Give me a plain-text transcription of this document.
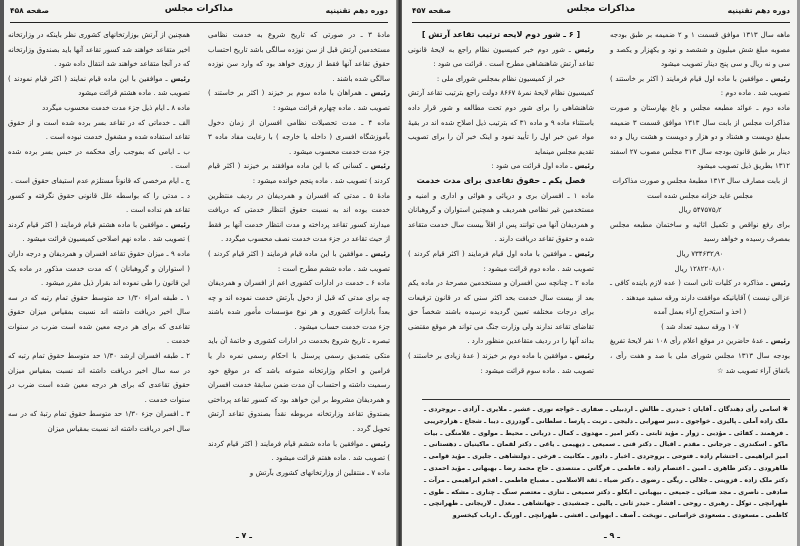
دوره دهم تقنینیه
مذاکرات مجلس
صفحه ۴۵۸

مادهٔ ۳ ـ در صورتی که تاریخ شروع به خدمت نظامی مستخدمین آرتش قبل از سن نوزده سالگی باشد تاریخ احتساب حقوق تقاعد آنها فقط از روزی خواهد بود که وارد سن نوزده سالگی شده باشند .

رئیس ـ همراهان با ماده سوم بر خیزند ( اکثر بر خاستند ) تصویب شد . ماده چهارم قرائت میشود :

ماده ۴ ـ مدت تحصیلات نظامی افسران از زمان دخول بآموزشگاه افسری ( داخله یا خارجه ) با رعایت مفاد ماده ۳ جزء مدت خدمت محسوب میشود .

رئیس ـ کسانی که با این ماده موافقند بر خیزند ( اکثر قیام کردند ) تصویب شد . ماده پنجم خوانده میشود :

مادهٔ ۵ ـ مدتی که افسران و همردیفان در ردیف منتظرین خدمت بوده اند به نسبت حقوق انتظار خدمتی که دریافت میدارند کسور تقاعد پرداخته و مدت انتظار خدمت آنها بر فقط از حیث تقاعد در جزء مدت خدمت نصف محسوب میگردد .

رئیس ـ موافقین با این ماده قیام فرمایند ( اکثر قیام کردند ) تصویب شد . ماده ششم مطرح است :

ماده ۶ ـ خدمت در ادارات کشوری اعم از افسران و همردیفان چه برای مدتی که قبل از دخول بآرتش خدمت نموده اند و چه بعداً بادارات کشوری و هر نوع مؤسسات مأمور شده باشند جزء مدت خدمت حساب میشود .

تبصره ـ تاریخ شروع بخدمت در ادارات کشوری و خاتمهٔ آن باید متکی بتصدیق رسمی پرسنل با احکام رسمی نمره دار یا فرامین و احکام وزارتخانه متبوعه باشد که در موقع خود رسمیت داشته و احتساب آن مدت ضمن سابقهٔ خدمت افسران و همردیفان مشروط بر این خواهد بود که کسور تقاعد پرداختی بصندوق تقاعد وزارتخانه مربوطه نقداً بصندوق تقاعد آرتش تحویل گردد .

رئیس ـ موافقین با ماده ششم قیام فرمایند ( اکثر قیام کردند ) تصویب شد . ماده هفتم قرائت میشود .

ماده ۷ ـ منتقلین از وزارتخانهای کشوری بآرتش و

همچنین از آرتش بوزارتخانهای کشوری نظر باینکه در وزارتخانه اخیر متقاعد خواهند شد کسور تقاعد آنها باید بصندوق وزارتخانه که در آنجا متقاعد خواهند شد انتقال داده شود .

رئیس ـ موافقین با این ماده قیام نمایند ( اکثر قیام نمودند ) تصویب شد . ماده هشتم قرائت میشود

ماده ۸ ـ ایام ذیل جزء مدت خدمت محسوب میگردد

الف ـ خدماتی که در تقاعد بسر برده شده است و از حقوق تقاعد استفاده شده و مشغول خدمت نبوده است .

ب ـ ایامی که بموجب رأی محکمه در حبس بسر برده شده است .

ج ـ ایام مرخصی که قانوناً مستلزم عدم استیفای حقوق است .

د ـ مدتی را که بواسطه علل قانونی حقوق نگرفته و کسور تقاعد هم نداده است .

رئیس ـ موافقین با ماده هشتم قیام فرمایند ( اکثر قیام کردند ) تصویب شد . ماده نهم اصلاحی کمیسیون قرائت میشود .

ماده ۹ ـ میزان حقوق تقاعد افسران و همردیفان و درجه داران ( استواران و گروهبانان ) که مدت خدمت مذکور در ماده یک این قانون را طی نموده اند بقرار ذیل مقرر میشود .

۱ ـ طبقه امراء ۱/۳۰ حد متوسط حقوق تمام رتبه که در سه سال اخیر دریافت داشته اند نسبت بمقیاس میزان حقوق تقاعدی که برای هر درجه معین شده است ضرب در سنوات خدمت .

۲ ـ طبقه افسران ارشد ۱/۳۰ حد متوسط حقوق تمام رتبه که در سه سال اخیر دریافت داشته اند نسبت بمقیاس میزان حقوق تقاعدی که برای هر درجه معین شده است ضرب در سنوات خدمت .

۳ ـ افسران جزء ۱/۳۰ حد متوسط حقوق تمام رتبهٔ که در سه سال اخیر دریافت داشته اند نسبت بمقیاس میزان

ـ ۷ ـ
دوره دهم تقنینیه
مذاکرات مجلس
صفحه ۴۵۷

ماهه سال ۱۳۱۳ موافق قسمت ۱ و ۲ ضمیمه بر طبق بودجه مصوبه مبلغ شش میلیون و ششصد و نود و یکهزار و یکصد و سی و نه ریال و سی پنج دینار تصویب میشود

رئیس ـ موافقین با ماده اول قیام فرمایند ( اکثر بر خاستند ) تصویب شد . ماده دوم :

ماده دوم ـ عوائد مطبعه مجلس و باغ بهارستان و صورت مذاکرات مجلس از بابت سال ۱۳۱۳ موافق قسمت ۳ ضمیمه بمبلغ دویست و هشتاد و دو هزار و دویست و هشت ریال و ده دینار بر طبق قانون بودجه سال ۳۱۳ مجلس مصوب ۲۷ اسفند ۱۳۱۲ بطریق ذیل تصویب میشود

از بابت مصارف سال ۱۳۱۳ مطبعهٔ مجلس و صورت مذاکرات مجلس عاید خزانه مجلس شده است

۵۴۷۵۷۵٫۲ ریال

برای رفع نواقص و تکمیل اثاثیه و ساختمان مطبعه مجلس بمصرف رسیده و خواهد رسید

۷۳۴۶۳۲٫۹۰ ریال

۱۲۸۲۲۰۸٫۱۰ ریال

رئیس ـ مذاکره در کلیات ثانی است ( عده لازم باینده کافی ـ عزالی نیست ) آقایانیکه موافقت دارند ورقه سفید میدهند .

( اخذ و استخراج آراء بعمل آمده

۱۰۷ ورقه سفید تعداد شد )

رئیس ـ عدهٔ حاضرین در موقع اعلام رأی ۱۰۸ نفر لایحهٔ تفریغ بودجه سال ۱۳۱۳ مجلس شورای ملی با صد و هفت رأی ، باتفاق آراء تصویب شد ☆

[ ۶ ـ شور دوم لایحه ترتیب تقاعد آرتش ]

رئیس ـ شور دوم خبر کمیسیون نظام راجع به لایحهٔ قانونی تقاعد آرتش شاهنشاهی مطرح است . قرائت می شود :

خبر از کمیسیون نظام بمجلس شورای ملی :

کمیسیون نظام لایحهٔ نمرهٔ ۸۶۶۷ دولت راجع بترتیب تقاعد آرتش شاهنشاهی را برای شور دوم تحت مطالعه و شور قرار داده باستثناء ماده ۹ و ماده ۳۱ که بترتیب ذیل اصلاح شده اند در بقیهٔ مواد عین خبر اول را تأیید نمود و اینک خبر آن را برای تصویب تقدیم مجلس مینماید

رئیس ـ ماده اول قرائت می شود :

فصل یکم ـ حقوق تقاعدی برای مدت خدمت

ماده ۱ ـ افسران بری و دریائی و هوائی و اداری و امنیه و مستخدمین غیر نظامی همردیف و همچنین استواران و گروهبانان و همردیفان آنها می توانند پس از اقلاً بیست سال خدمت متقاعد شده و حقوق تقاعد دریافت دارند .

رئیس ـ موافقین با ماده اول قیام فرمایند ( اکثر قیام کردند ) تصویب شد . ماده دوم قرائت میشود :

ماده ۲ ـ چنانچه سن افسران و مستخدمین مصرحهٔ در ماده یکم بعد از بیست سال خدمت بحد اکثر سنی که در قانون ترفیعات برای درجات مختلفه تعیین گردیده نرسیده باشند شخصاً حق تقاضای تقاعد ندارند ولی وزارت جنگ می تواند هر موقع مقتضی بداند آنها را در ردیف متقاعدین منظور دارد .

رئیس ـ موافقین با ماده دوم بر خیزند ( عدهٔ زیادی بر خاستند ) تصویب شد . ماده سوم قرائت میشود :

✱ اسامی رأی دهندگان ـ آقایان : حیدری ـ طالش ـ اردبیلی ـ صفاری ـ خواجه نوری ـ عشیر ـ ملایری ـ آزادی ـ بروجردی ـ ملک زاده آملی ـ پالیزی ـ خواجوی ـ دبیر سهرابی ـ دلیجی ـ تربت ـ پارسا ـ سلطانی ـ گودرزی ـ دیبا ـ شجاع ـ هزارجریبی ـ فرهمند ـ کفائی ـ مؤدبی ـ زوار ـ مؤید ثابتی ـ دکتر امیر ـ مهدوی ـ کمال ـ دربانی ـ محیط ـ مولوی ـ غلامنگی ـ بیات ماکو ـ اسکندری ـ جرجانی ـ مقدم ـ اقبال ـ دکتر قنی ـ سمیعی ـ دیهیمی ـ یاغی ـ دکتر لقمان ـ ماکینیان ـ دهستانی ـ امیر ابراهیمی ـ احتشام زاده ـ فتوحی ـ بروجردی ـ اخبار ـ دادور ـ مکانیت ـ فرخی ـ دولتشاهی ـ جلیری ـ مؤید قوامی ـ طاهرودی ـ دکتر طاهری ـ امین ـ اعتصام زاده ـ فاطمی ـ فرگانی ـ منتصدی ـ حاج محمد رضا ـ بهبهانی ـ مؤید احمدی ـ دکتر ملک زاده ـ قزوینی ـ جلالی ـ ریگی ـ رضوی ـ دکتر ضیاء ـ ثقة الاسلامی ـ مصباح فاطمی ـ افخم ابراهیمی ـ مرآت ـ صادقی ـ ناصری ـ مجد ضیائی ـ جمیعی ـ بیهبانی ـ ابکلو ـ دکتر سمیعی ـ تنازی ـ معتصم سنگ ـ چناری ـ مشکه ـ طوی ـ طهرانچی ـ توکل ـ رهبری ـ روحی ـ افشار ـ حیدر ثانی ـ یالیی ـ جمشیدی ـ جهانشاهی ـ معدل ـ لاریجانی ـ طهرانچی ـ کاظمی ـ مسعودی ـ مسعودی خراسانی ـ نوبخت ـ آصف ـ ابهوانی ـ افشی ـ طهرانچی ـ اورنگ ـ ارباب کیخسرو
ـ ۹ ـ
